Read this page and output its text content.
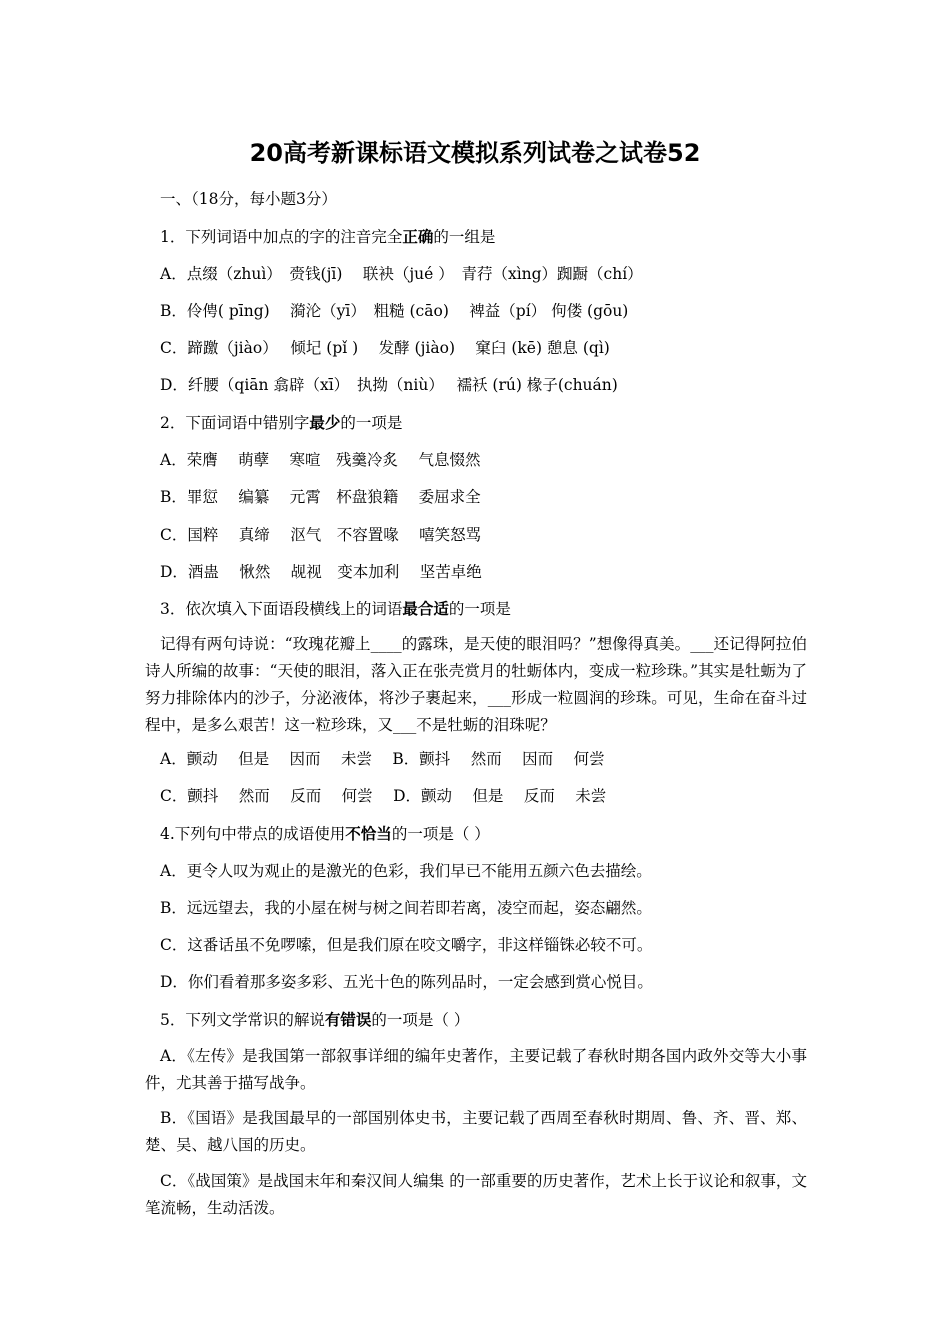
20高考新课标语文模拟系列试卷之试卷52
一、（18分，每小题3分）
1．下列词语中加点的字的注音完全正确的一组是
A．点缀（zhuì）　赍钱(jī)　 联袂（jué ）　青荇（xìng）踟蹰（chí）
B．伶俜( pīng)　 漪沦（yī）　粗糙 (cāo)　 裨益（pí） 佝偻 (gōu)
C．蹄躈（jiào）　 倾圮 (pǐ )　 发酵 (jiào)　 窠臼 (kē) 憩息 (qì)
D．纤腰（qiān 翕辟（xī）　执拗（niù）　 襦袄 (rú) 椽子(chuán)
2．下面词语中错别字最少的一项是
A．荣膺　 萌孽　 寒喧　残羹冷炙　 气息惙然
B．罪愆　 编纂　 元霄　杯盘狼籍　 委屈求全
C．国粹　 真缔　 沤气　不容置喙　 嘻笑怒骂
D．酒蛊　 愀然　 觇视　变本加利　 坚苦卓绝
3．依次填入下面语段横线上的词语最合适的一项是
记得有两句诗说：“玫瑰花瓣上____的露珠，是天使的眼泪吗？”想像得真美。___还记得阿拉伯诗人所编的故事：“天使的眼泪，落入正在张壳赏月的牡蛎体内，变成一粒珍珠。”其实是牡蛎为了努力排除体内的沙子，分泌液体，将沙子裹起来，___形成一粒圆润的珍珠。可见，生命在奋斗过程中，是多么艰苦！这一粒珍珠，又___不是牡蛎的泪珠呢？
A．颤动　 但是　 因而　 未尝　 B．颤抖　 然而　 因而　 何尝
C．颤抖　 然而　 反而　 何尝　 D．颤动　 但是　 反而　 未尝
4.下列句中带点的成语使用不恰当的一项是（ ）
A．更令人叹为观止的是激光的色彩，我们早已不能用五颜六色去描绘。
B．远远望去，我的小屋在树与树之间若即若离，凌空而起，姿态翩然。
C．这番话虽不免啰嗦，但是我们原在咬文嚼字，非这样锱铢必较不可。
D．你们看着那多姿多彩、五光十色的陈列品时，一定会感到赏心悦目。
5．下列文学常识的解说有错误的一项是（ ）
A．《左传》是我国第一部叙事详细的编年史著作，主要记载了春秋时期各国内政外交等大小事件，尤其善于描写战争。
B．《国语》是我国最早的一部国别体史书，主要记载了西周至春秋时期周、鲁、齐、晋、郑、楚、吴、越八国的历史。
C．《战国策》是战国末年和秦汉间人编集 的一部重要的历史著作，艺术上长于议论和叙事，文笔流畅，生动活泼。
